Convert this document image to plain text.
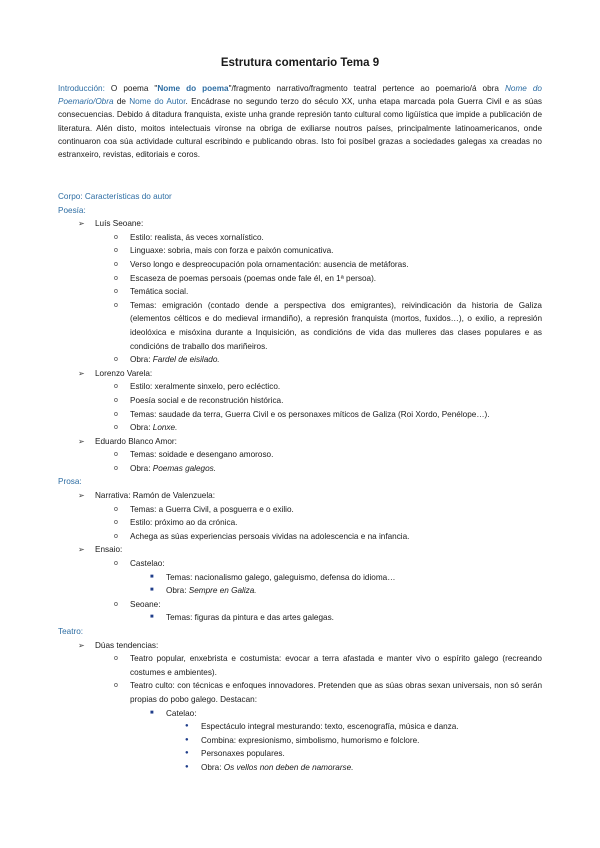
Estrutura comentario Tema 9
Introducción: O poema "Nome do poema"/fragmento narrativo/fragmento teatral pertence ao poemario/á obra Nome do Poemario/Obra de Nome do Autor. Encádrase no segundo terzo do século XX, unha etapa marcada pola Guerra Civil e as súas consecuencias. Debido á ditadura franquista, existe unha grande represión tanto cultural como ligüística que impide a publicación de literatura. Alén disto, moitos intelectuais víronse na obriga de exiliarse noutros países, principalmente latinoamericanos, onde continuaron coa súa actividade cultural escribindo e publicando obras. Isto foi posíbel grazas a sociedades galegas xa creadas no estranxeiro, revistas, editoriais e coros.
Corpo: Características do autor
Poesía:
➢ Luís Seoane:
o Estilo: realista, ás veces xornalístico.
o Linguaxe: sobria, mais con forza e paixón comunicativa.
o Verso longo e despreocupación pola ornamentación: ausencia de metáforas.
o Escaseza de poemas persoais (poemas onde fale él, en 1ª persoa).
o Temática social.
o Temas: emigración (contado dende a perspectiva dos emigrantes), reivindicación da historia de Galiza (elementos célticos e do medieval irmandiño), a represión franquista (mortos, fuxidos…), o exilio, a represión ideolóxica e misóxina durante a Inquisición, as condicións de vida das mulleres das clases populares e as condicións de traballo dos mariñeiros.
o Obra: Fardel de eisilado.
➢ Lorenzo Varela:
o Estilo: xeralmente sinxelo, pero ecléctico.
o Poesía social e de reconstrución histórica.
o Temas: saudade da terra, Guerra Civil e os personaxes míticos de Galiza (Roi Xordo, Penélope…).
o Obra: Lonxe.
➢ Eduardo Blanco Amor:
o Temas: soidade e desengano amoroso.
o Obra: Poemas galegos.
Prosa:
➢ Narrativa: Ramón de Valenzuela:
o Temas: a Guerra Civil, a posguerra e o exilio.
o Estilo: próximo ao da crónica.
o Achega as súas experiencias persoais vividas na adolescencia e na infancia.
➢ Ensaio:
o Castelao:
■ Temas: nacionalismo galego, galeguismo, defensa do idioma…
■ Obra: Sempre en Galiza.
o Seoane:
■ Temas: figuras da pintura e das artes galegas.
Teatro:
➢ Dúas tendencias:
o Teatro popular, enxebrista e costumista: evocar a terra afastada e manter vivo o espírito galego (recreando costumes e ambientes).
o Teatro culto: con técnicas e enfoques innovadores. Pretenden que as súas obras sexan universais, non só serán propias do pobo galego. Destacan:
■ Catelao:
● Espectáculo integral mesturando: texto, escenografía, música e danza.
● Combina: expresionismo, simbolismo, humorismo e folclore.
● Personaxes populares.
● Obra: Os vellos non deben de namorarse.
